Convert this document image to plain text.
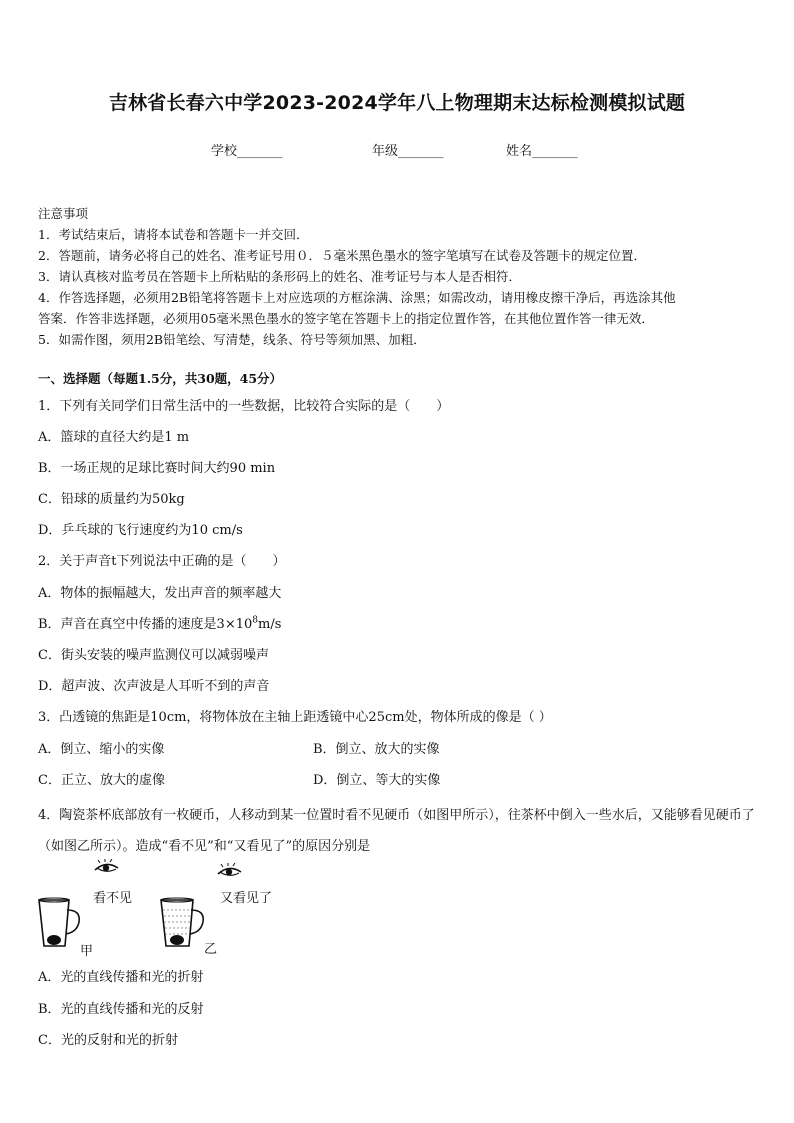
吉林省长春六中学2023-2024学年八上物理期末达标检测模拟试题
学校_______	年级_______	姓名_______
注意事项
1．考试结束后，请将本试卷和答题卡一并交回．
2．答题前，请务必将自己的姓名、准考证号用０．５毫米黑色墨水的签字笔填写在试卷及答题卡的规定位置．
3．请认真核对监考员在答题卡上所粘贴的条形码上的姓名、准考证号与本人是否相符．
4．作答选择题，必须用2B铅笔将答题卡上对应选项的方框涂满、涂黑；如需改动，请用橡皮擦干净后，再选涂其他
答案．作答非选择题，必须用05毫米黑色墨水的签字笔在答题卡上的指定位置作答，在其他位置作答一律无效．
5．如需作图，须用2B铅笔绘、写清楚，线条、符号等须加黑、加粗．
一、选择题（每题1.5分，共30题，45分）
1．下列有关同学们日常生活中的一些数据，比较符合实际的是（　　）
A．篮球的直径大约是1 m
B．一场正规的足球比赛时间大约90 min
C．铅球的质量约为50kg
D．乒乓球的飞行速度约为10 cm/s
2．关于声音t下列说法中正确的是（　　）
A．物体的振幅越大，发出声音的频率越大
B．声音在真空中传播的速度是$3\times 10^8m/s$
C．街头安装的噪声监测仪可以减弱噪声
D．超声波、次声波是人耳听不到的声音
3．凸透镜的焦距是10cm，将物体放在主轴上距透镜中心25cm处，物体所成的像是（ ）
A．倒立、缩小的实像	B．倒立、放大的实像
C．正立、放大的虚像	D．倒立、等大的实像
4．陶瓷茶杯底部放有一枚硬币，人移动到某一位置时看不见硬币（如图甲所示），往茶杯中倒入一些水后，又能够看见硬币了（如图乙所示）。造成“看不见”和“又看见了”的原因分别是
看不见
甲
又看见了
乙
A．光的直线传播和光的折射
B．光的直线传播和光的反射
C．光的反射和光的折射
